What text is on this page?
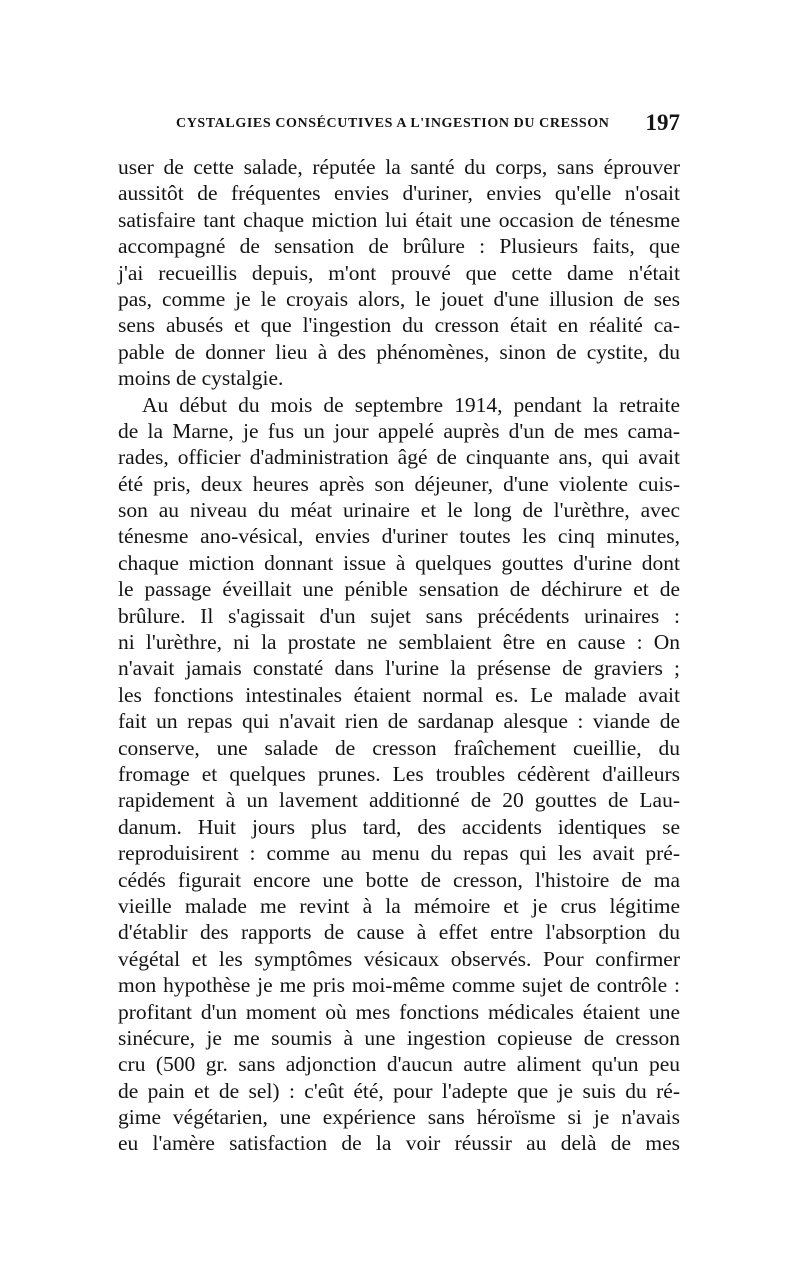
CYSTALGIES CONSÉCUTIVES A L'INGESTION DU CRESSON 197
user de cette salade, réputée la santé du corps, sans éprouver
aussitôt de fréquentes envies d'uriner, envies qu'elle n'osait
satisfaire tant chaque miction lui était une occasion de ténesme
accompagné de sensation de brûlure : Plusieurs faits, que
j'ai recueillis depuis, m'ont prouvé que cette dame n'était
pas, comme je le croyais alors, le jouet d'une illusion de ses
sens abusés et que l'ingestion du cresson était en réalité ca-
pable de donner lieu à des phénomènes, sinon de cystite, du
moins de cystalgie.
Au début du mois de septembre 1914, pendant la retraite
de la Marne, je fus un jour appelé auprès d'un de mes cama-
rades, officier d'administration âgé de cinquante ans, qui avait
été pris, deux heures après son déjeuner, d'une violente cuis-
son au niveau du méat urinaire et le long de l'urèthre, avec
ténesme ano-vésical, envies d'uriner toutes les cinq minutes,
chaque miction donnant issue à quelques gouttes d'urine dont
le passage éveillait une pénible sensation de déchirure et de
brûlure. Il s'agissait d'un sujet sans précédents urinaires :
ni l'urèthre, ni la prostate ne semblaient être en cause : On
n'avait jamais constaté dans l'urine la présense de graviers ;
les fonctions intestinales étaient normal es. Le malade avait
fait un repas qui n'avait rien de sardanap alesque : viande de
conserve, une salade de cresson fraîchement cueillie, du
fromage et quelques prunes. Les troubles cédèrent d'ailleurs
rapidement à un lavement additionné de 20 gouttes de Lau-
danum. Huit jours plus tard, des accidents identiques se
reproduisirent : comme au menu du repas qui les avait pré-
cédés figurait encore une botte de cresson, l'histoire de ma
vieille malade me revint à la mémoire et je crus légitime
d'établir des rapports de cause à effet entre l'absorption du
végétal et les symptômes vésicaux observés. Pour confirmer
mon hypothèse je me pris moi-même comme sujet de contrôle :
profitant d'un moment où mes fonctions médicales étaient une
sinécure, je me soumis à une ingestion copieuse de cresson
cru (500 gr. sans adjonction d'aucun autre aliment qu'un peu
de pain et de sel) : c'eût été, pour l'adepte que je suis du ré-
gime végétarien, une expérience sans héroïsme si je n'avais
eu l'amère satisfaction de la voir réussir au delà de mes
